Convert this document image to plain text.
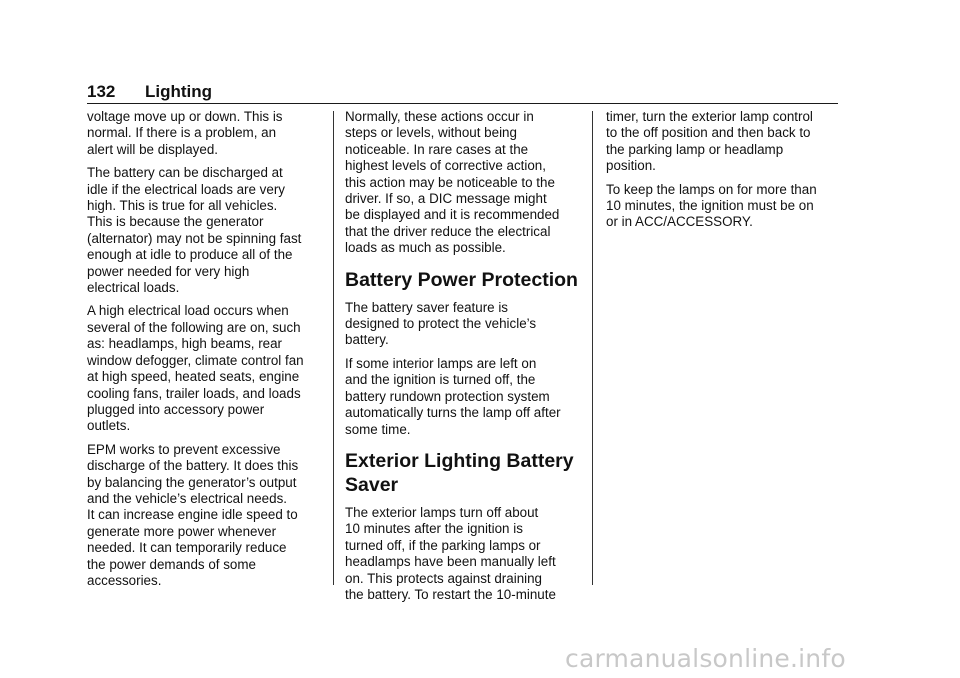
132 Lighting

voltage move up or down. This is
normal. If there is a problem, an
alert will be displayed.

The battery can be discharged at
idle if the electrical loads are very
high. This is true for all vehicles.
This is because the generator
(alternator) may not be spinning fast
enough at idle to produce all of the
power needed for very high
electrical loads.

A high electrical load occurs when
several of the following are on, such
as: headlamps, high beams, rear
window defogger, climate control fan
at high speed, heated seats, engine
cooling fans, trailer loads, and loads
plugged into accessory power
outlets.

EPM works to prevent excessive
discharge of the battery. It does this
by balancing the generator’s output
and the vehicle’s electrical needs.
It can increase engine idle speed to
generate more power whenever
needed. It can temporarily reduce
the power demands of some
accessories.

Normally, these actions occur in
steps or levels, without being
noticeable. In rare cases at the
highest levels of corrective action,
this action may be noticeable to the
driver. If so, a DIC message might
be displayed and it is recommended
that the driver reduce the electrical
loads as much as possible.

Battery Power Protection

The battery saver feature is
designed to protect the vehicle’s
battery.

If some interior lamps are left on
and the ignition is turned off, the
battery rundown protection system
automatically turns the lamp off after
some time.

Exterior Lighting Battery
Saver

The exterior lamps turn off about
10 minutes after the ignition is
turned off, if the parking lamps or
headlamps have been manually left
on. This protects against draining
the battery. To restart the 10-minute

timer, turn the exterior lamp control
to the off position and then back to
the parking lamp or headlamp
position.

To keep the lamps on for more than
10 minutes, the ignition must be on
or in ACC/ACCESSORY.

carmanualsonline.info
